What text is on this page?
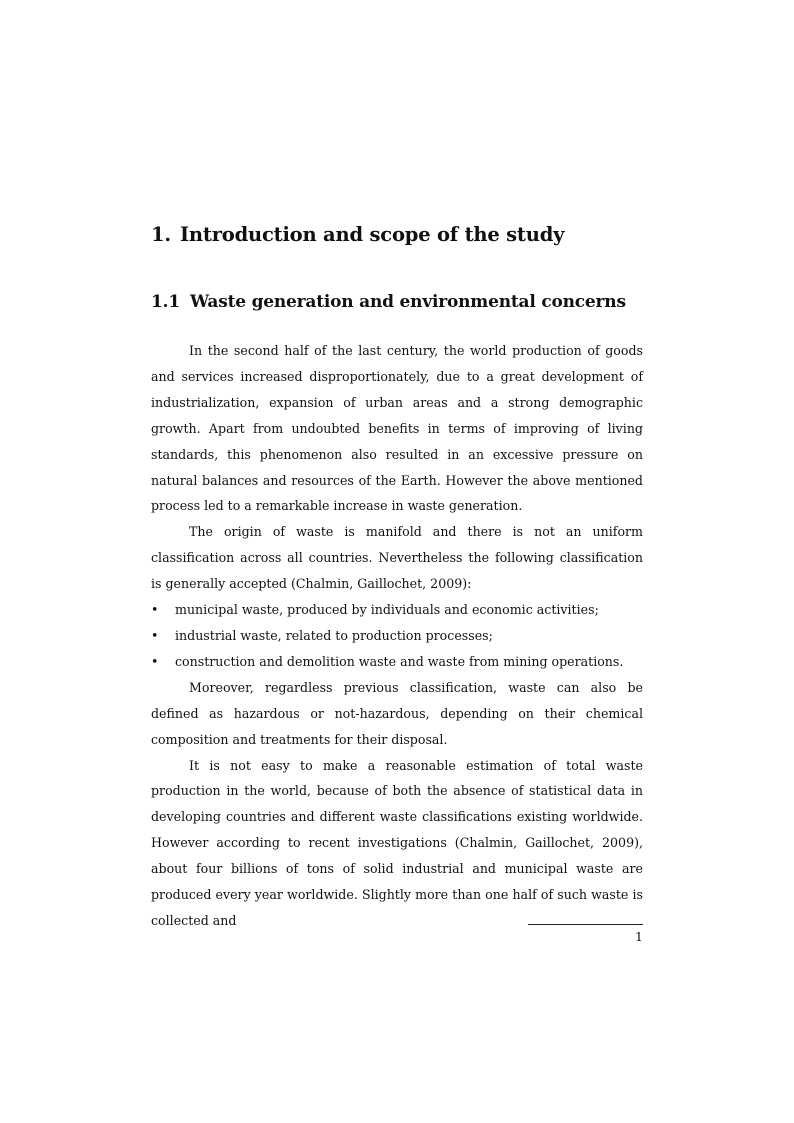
1. Introduction and scope of the study
1.1 Waste generation and environmental concerns

In the second half of the last century, the world production of goods and services increased disproportionately, due to a great development of industrialization, expansion of urban areas and a strong demographic growth. Apart from undoubted benefits in terms of improving of living standards, this phenomenon also resulted in an excessive pressure on natural balances and resources of the Earth. However the above mentioned process led to a remarkable increase in waste generation.

The origin of waste is manifold and there is not an uniform classification across all countries. Nevertheless the following classification is generally accepted (Chalmin, Gaillochet, 2009):

• municipal waste, produced by individuals and economic activities;
• industrial waste, related to production processes;
• construction and demolition waste and waste from mining operations.

Moreover, regardless previous classification, waste can also be defined as hazardous or not-hazardous, depending on their chemical composition and treatments for their disposal.

It is not easy to make a reasonable estimation of total waste production in the world, because of both the absence of statistical data in developing countries and different waste classifications existing worldwide. However according to recent investigations (Chalmin, Gaillochet, 2009), about four billions of tons of solid industrial and municipal waste are produced every year worldwide. Slightly more than one half of such waste is collected and

1
